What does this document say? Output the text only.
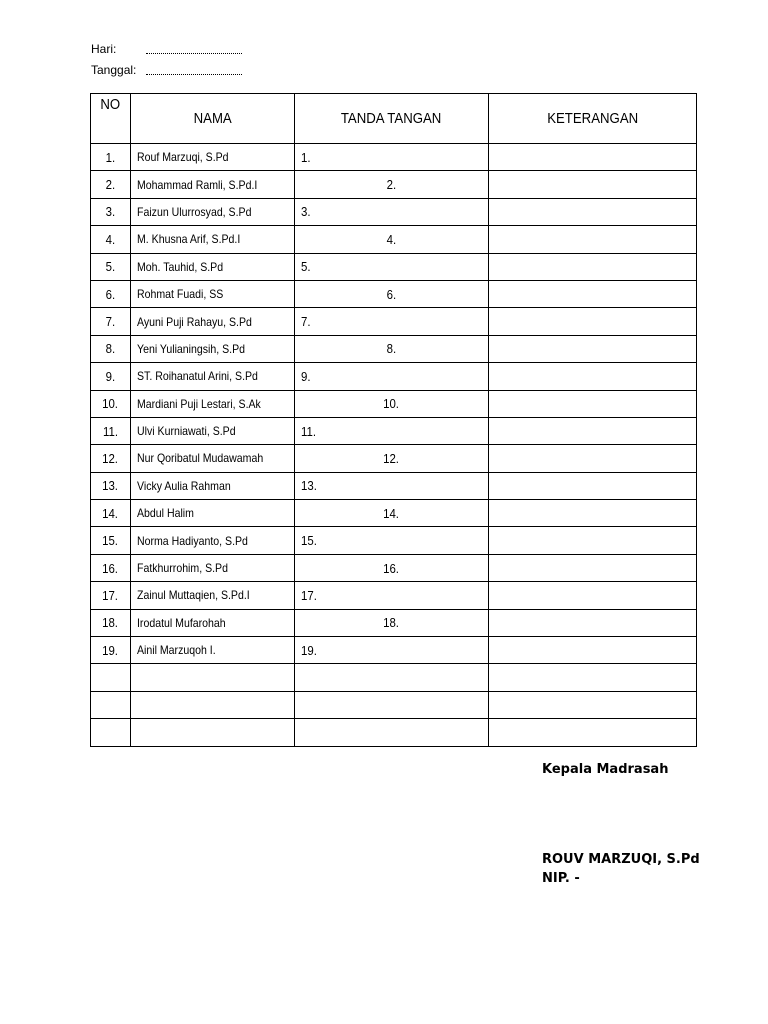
Hari:
Tanggal:
NO	NAMA	TANDA TANGAN	KETERANGAN
1.	Rouf Marzuqi, S.Pd	1.	
2.	Mohammad Ramli, S.Pd.I	2.	
3.	Faizun Ulurrosyad, S.Pd	3.	
4.	M. Khusna Arif, S.Pd.I	4.	
5.	Moh. Tauhid, S.Pd	5.	
6.	Rohmat Fuadi, SS	6.	
7.	Ayuni Puji Rahayu, S.Pd	7.	
8.	Yeni Yulianingsih, S.Pd	8.	
9.	ST. Roihanatul Arini, S.Pd	9.	
10.	Mardiani Puji Lestari, S.Ak	10.	
11.	Ulvi Kurniawati, S.Pd	11.	
12.	Nur Qoribatul Mudawamah	12.	
13.	Vicky Aulia Rahman	13.	
14.	Abdul Halim	14.	
15.	Norma Hadiyanto, S.Pd	15.	
16.	Fatkhurrohim, S.Pd	16.	
17.	Zainul Muttaqien, S.Pd.I	17.	
18.	Irodatul Mufarohah	18.	
19.	Ainil Marzuqoh I.	19.	

Kepala Madrasah
ROUV MARZUQI, S.Pd
NIP. -
